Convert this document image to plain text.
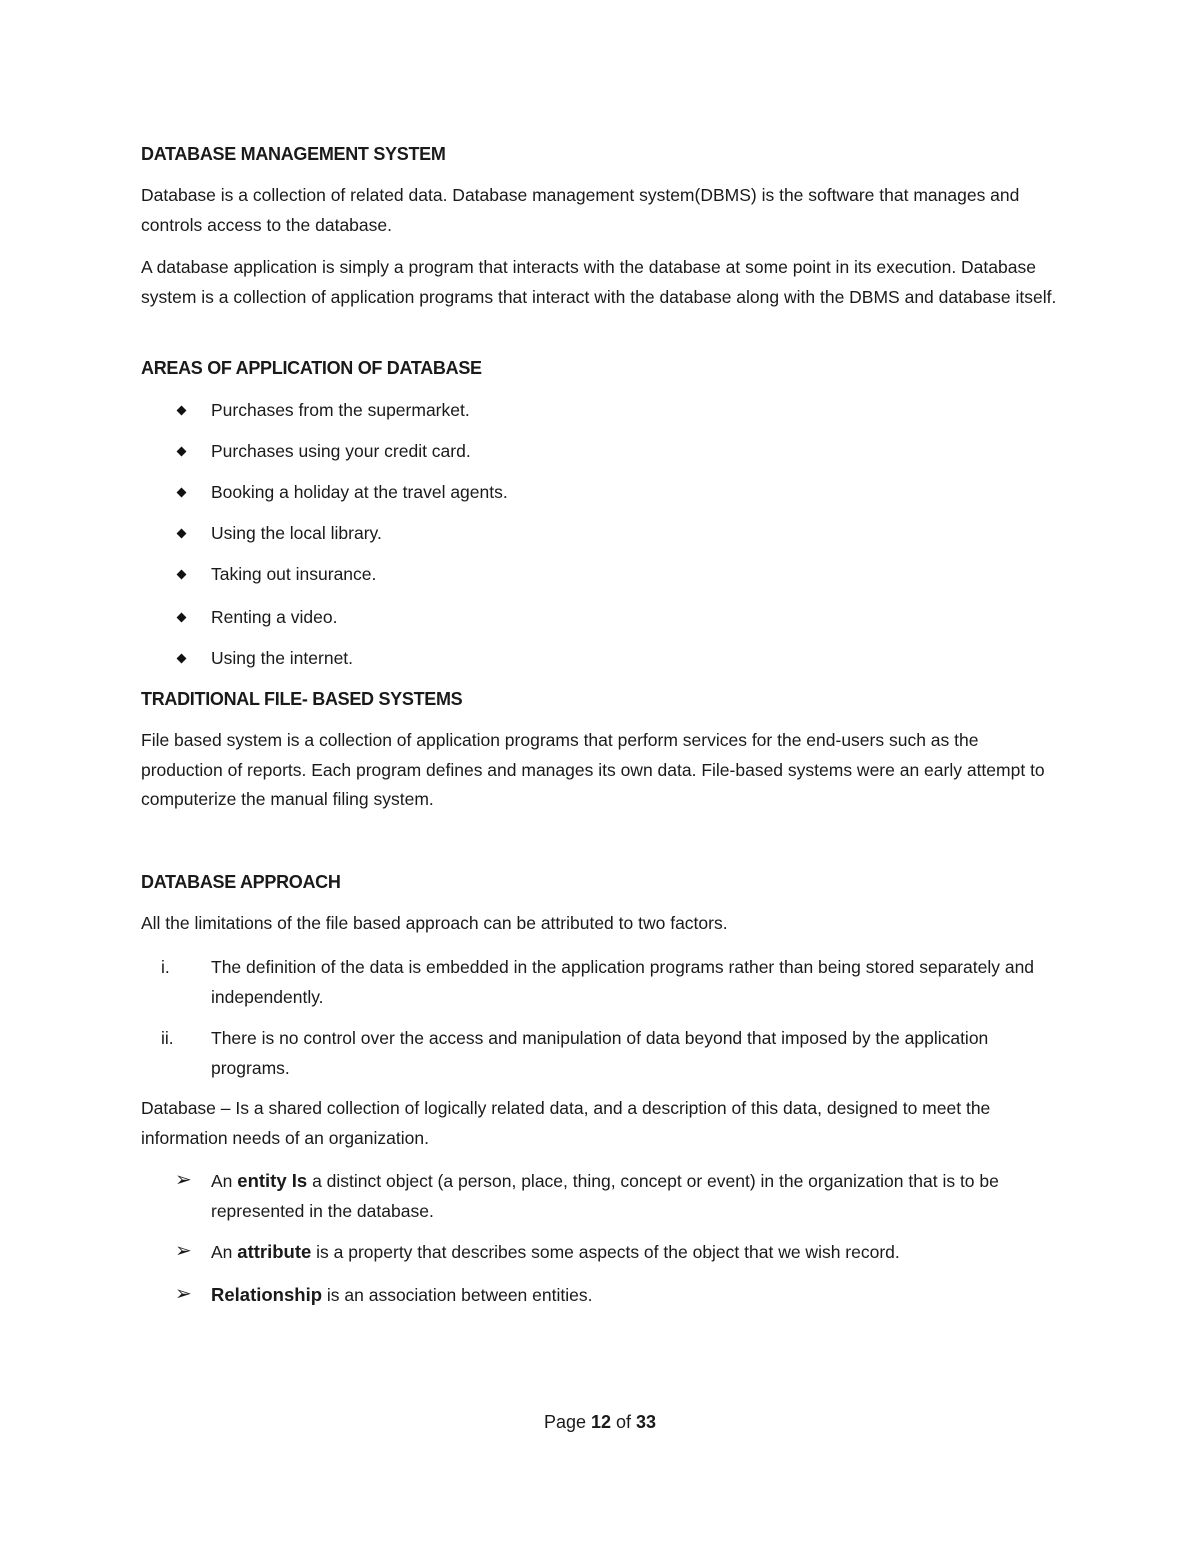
DATABASE MANAGEMENT SYSTEM

Database is a collection of related data. Database management system(DBMS) is the software that manages and controls access to the database.

A database application is simply a program that interacts with the database at some point in its execution. Database system is a collection of application programs that interact with the database along with the DBMS and database itself.

AREAS OF APPLICATION OF DATABASE
Purchases from the supermarket.
Purchases using your credit card.
Booking a holiday at the travel agents.
Using the local library.
Taking out insurance.
Renting a video.
Using the internet.
TRADITIONAL FILE- BASED SYSTEMS

File based system is a collection of application programs that perform services for the end-users such as the production of reports. Each program defines and manages its own data. File-based systems were an early attempt to computerize the manual filing system.

DATABASE APPROACH

All the limitations of the file based approach can be attributed to two factors.

i.	The definition of the data is embedded in the application programs rather than being stored separately and independently.
ii.	There is no control over the access and manipulation of data beyond that imposed by the application programs.

Database – Is a shared collection of logically related data, and a description of this data, designed to meet the information needs of an organization.

➢ An entity Is a distinct object (a person, place, thing, concept or event) in the organization that is to be represented in the database.
➢ An attribute is a property that describes some aspects of the object that we wish record.
➢ Relationship is an association between entities.
Page 12 of 33
